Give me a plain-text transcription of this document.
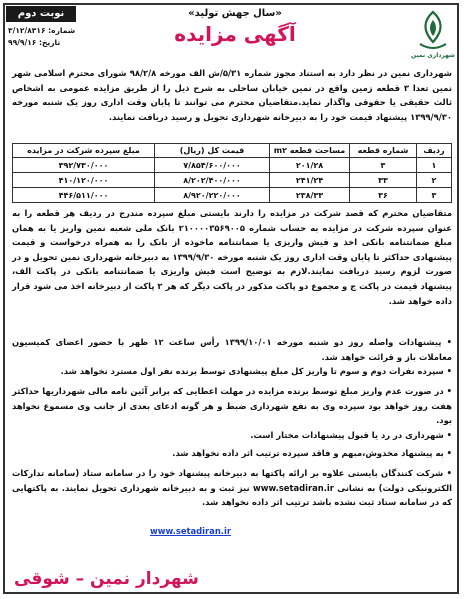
نوبت دوم
شماره: ۳/۱۲/۸۳۱۶
تاریخ: ۹۹/۹/۱۶
«سال جهش تولید»
آگهی مزایده
شهرداری نمین

شهرداری نمین در نظر دارد به استناد مجوز شماره ۵/۳۱/ش الف مورخه ۹۸/۲/۸ شورای محترم اسلامی شهر نمین تعدا ۳ قطعه زمین واقع در نمین خیابان ساحلی به شرح ذیل را از طریق مزایده عمومی به اشخاص ثالث حقیقی یا حقوقی واگذار نماید.متقاضیان محترم می توانند تا پایان وقت اداری روز یک شنبه مورخه ۱۳۹۹/۹/۳۰ پیشنهاد قیمت خود را به دبیرخانه شهرداری تحویل و رسید دریافت نمایند.

ردیف	شماره قطعه	مساحت قطعه m۲	قیمت کل (ریال)	مبلغ سپرده شرکت در مزایده
۱	۳	۲۰۱/۲۸	۷/۸۵۴/۶۰۰/۰۰۰	۳۹۲/۷۳۰/۰۰۰
۲	۳۳	۲۴۱/۲۴	۸/۲۰۲/۴۰۰/۰۰۰	۴۱۰/۱۲۰/۰۰۰
۳	۳۶	۲۳۸/۳۳	۸/۹۲۰/۲۲۰/۰۰۰	۴۴۶/۵۱۱/۰۰۰

متقاضیان محترم که قصد شرکت در مزایده را دارند بایستی مبلغ سپرده مندرج در ردیف هر قطعه را به عنوان سپرده شرکت در مزایده به حساب شماره ۲۱۰۰۰۰۳۵۶۹۰۰۵ بانک ملی شعبه نمین واریز یا به همان مبلغ ضمانتنامه بانکی اخذ و فیش واریزی یا ضمانتنامه ماخوذه از بانک را به همراه درخواست و قیمت پیشنهادی حداکثر تا پایان وقت اداری روز یک شنبه مورخه ۱۳۹۹/۹/۳۰ به دبیرخانه شهرداری نمین تحویل و در صورت لزوم رسید دریافت نمایند.لازم به توضیح است فیش واریزی یا ضمانتنامه بانکی در پاکت الف، پیشنهاد قیمت در پاکت ج و مجموع دو پاکت مذکور در پاکت دیگر که هر ۲ پاکت از دبیرخانه اخذ می شود قرار داده خواهد شد.

• پیشنهادات واصله روز دو شنبه مورخه ۱۳۹۹/۱۰/۰۱ رأس ساعت ۱۲ ظهر با حضور اعضای کمیسیون معاملات باز و قرائت خواهد شد.
• سپرده نفرات دوم و سوم تا واریز کل مبلغ پیشنهادی توسط برنده نفر اول مسترد نخواهد شد.
• در صورت عدم واریز مبلغ توسط برنده مزایده در مهلت اعطایی که برابر آئین نامه مالی شهرداریها حداکثر هفت روز خواهد بود سپرده وی به نفع شهرداری ضبط و هر گونه ادعای بعدی از جانب وی مسموع نخواهد بود.
• شهرداری در رد یا قبول پیشنهادات مختار است.
• به پیشنهاد مخدوش،مبهم و فاقد سپرده ترتیب اثر داده نخواهد شد.
• شرکت کنندگان بایستی علاوه بر ارائه پاکتها به دبیرخانه پیشنهاد خود را در سامانه ستاد (سامانه تدارکات الکترونیکی دولت) به نشانی www.setadiran.ir نیز ثبت و به دبیرخانه شهرداری تحویل نمایند. به پاکتهایی که در سامانه ستاد ثبت نشده باشد ترتیب اثر داده نخواهد شد.
www.setadiran.ir
شهردار نمین – شوقی
